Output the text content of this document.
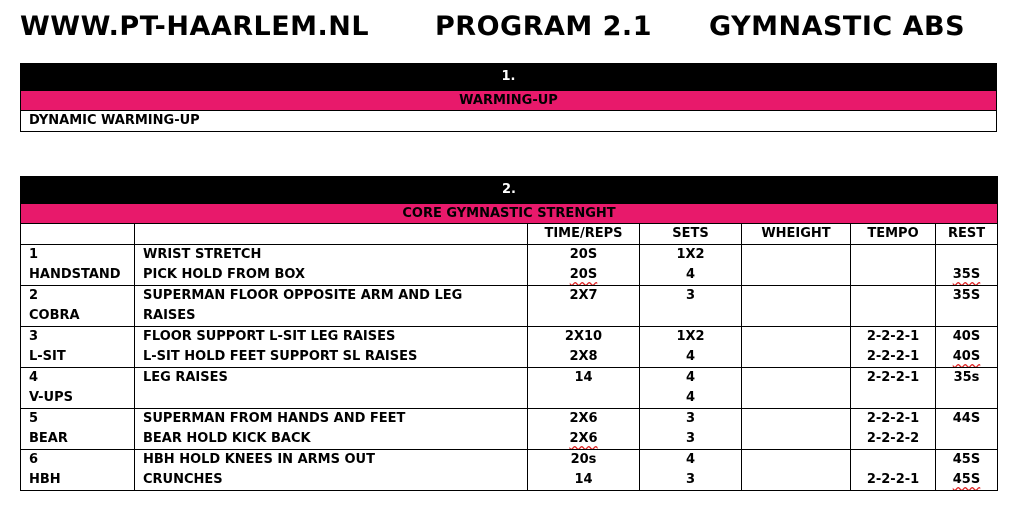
WWW.PT-HAARLEM.NL PROGRAM 2.1 GYMNASTIC ABS
1.
WARMING-UP
DYNAMIC WARMING-UP
2.						
CORE GYMNASTIC STRENGHT						
		TIME/REPS	SETS	WHEIGHT	TEMPO	REST
1	WRIST STRETCH	20S	1X2			
HANDSTAND	PICK HOLD FROM BOX	20S	4			35S
2	SUPERMAN FLOOR OPPOSITE ARM AND LEG	2X7	3			35S
COBRA	RAISES					
3	FLOOR SUPPORT L-SIT LEG RAISES	2X10	1X2		2-2-2-1	40S
L-SIT	L-SIT HOLD FEET SUPPORT SL RAISES	2X8	4		2-2-2-1	40S
4	LEG RAISES	14	4		2-2-2-1	35s
V-UPS			4			
5	SUPERMAN FROM HANDS AND FEET	2X6	3		2-2-2-1	44S
BEAR	BEAR HOLD KICK BACK	2X6	3		2-2-2-2	
6	HBH HOLD KNEES IN ARMS OUT	20s	4			45S
HBH	CRUNCHES	14	3		2-2-2-1	45S
